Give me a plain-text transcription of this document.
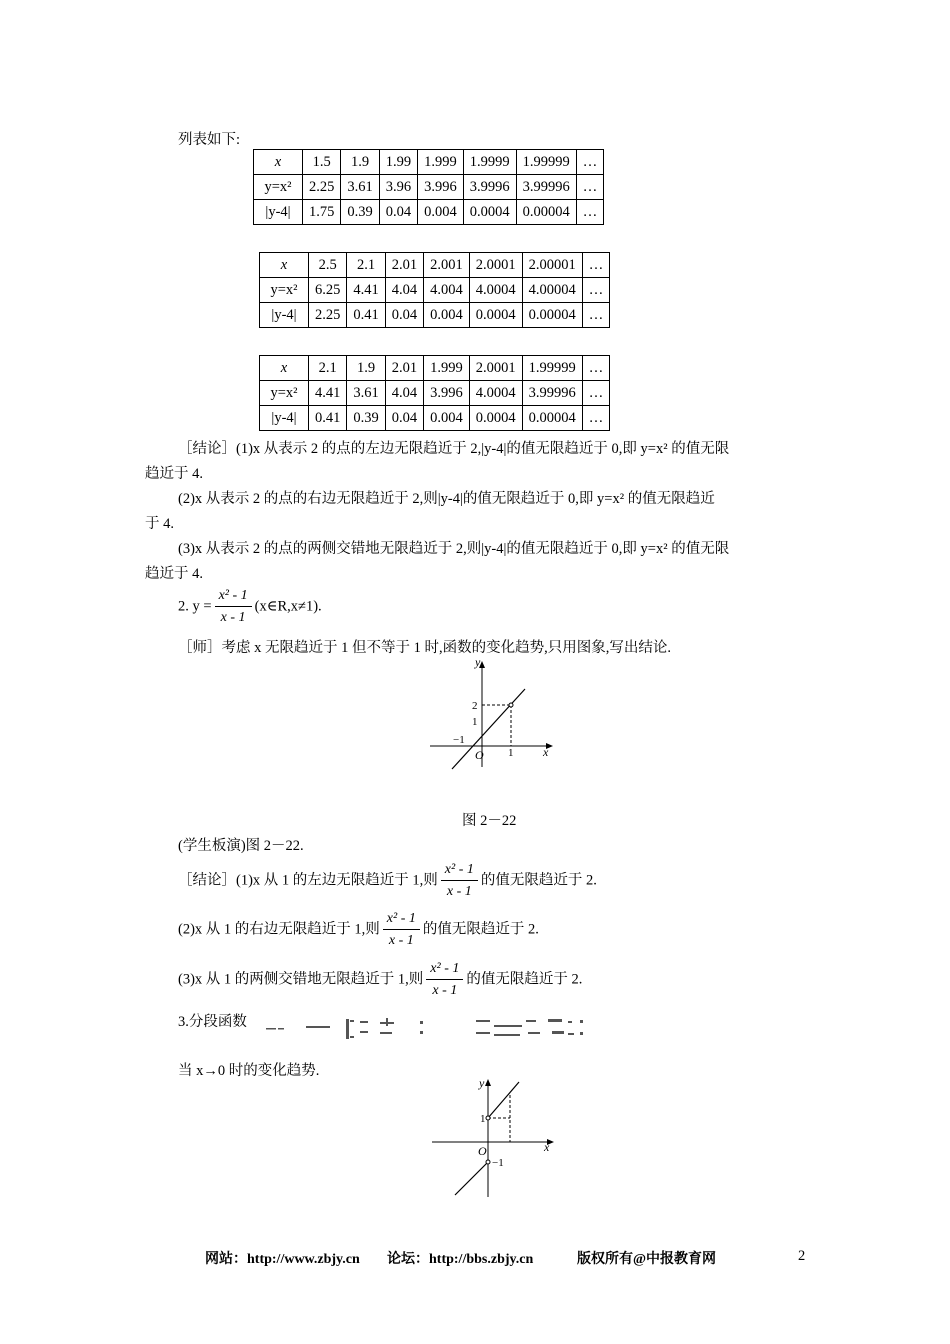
列表如下:
x	1.5	1.9	1.99	1.999	1.9999	1.99999	…
y=x²	2.25	3.61	3.96	3.996	3.9996	3.99996	…
|y-4|	1.75	0.39	0.04	0.004	0.0004	0.00004	…
x	2.5	2.1	2.01	2.001	2.0001	2.00001	…
y=x²	6.25	4.41	4.04	4.004	4.0004	4.00004	…
|y-4|	2.25	0.41	0.04	0.004	0.0004	0.00004	…
x	2.1	1.9	2.01	1.999	2.0001	1.99999	…
y=x²	4.41	3.61	4.04	3.996	4.0004	3.99996	…
|y-4|	0.41	0.39	0.04	0.004	0.0004	0.00004	…
［结论］(1)x 从表示 2 的点的左边无限趋近于 2,|y-4|的值无限趋近于 0,即 y=x² 的值无限
趋近于 4.
(2)x 从表示 2 的点的右边无限趋近于 2,则|y-4|的值无限趋近于 0,即 y=x² 的值无限趋近
于 4.
(3)x 从表示 2 的点的两侧交错地无限趋近于 2,则|y-4|的值无限趋近于 0,即 y=x² 的值无限
趋近于 4.
2. $y = \frac{\text{x² - 1}}{x - 1}$ (x∈R,x≠1).
［师］考虑 x 无限趋近于 1 但不等于 1 时,函数的变化趋势,只用图象,写出结论.
y
x
O
2
1
−1
1
图 2－22
(学生板演)图 2－22.
［结论］(1)x 从 1 的左边无限趋近于 1,则 $\frac{\text{x² - 1}}{x - 1}$ 的值无限趋近于 2.
(2)x 从 1 的右边无限趋近于 1,则 $\frac{\text{x² - 1}}{x - 1}$ 的值无限趋近于 2.
(3)x 从 1 的两侧交错地无限趋近于 1,则 $\frac{\text{x² - 1}}{x - 1}$ 的值无限趋近于 2.
3.分段函数
当 x→0 时的变化趋势.
y
x
O
1
−1
网站：http://www.zbjy.cn 论坛：http://bbs.zbjy.cn	版权所有@中报教育网	2
